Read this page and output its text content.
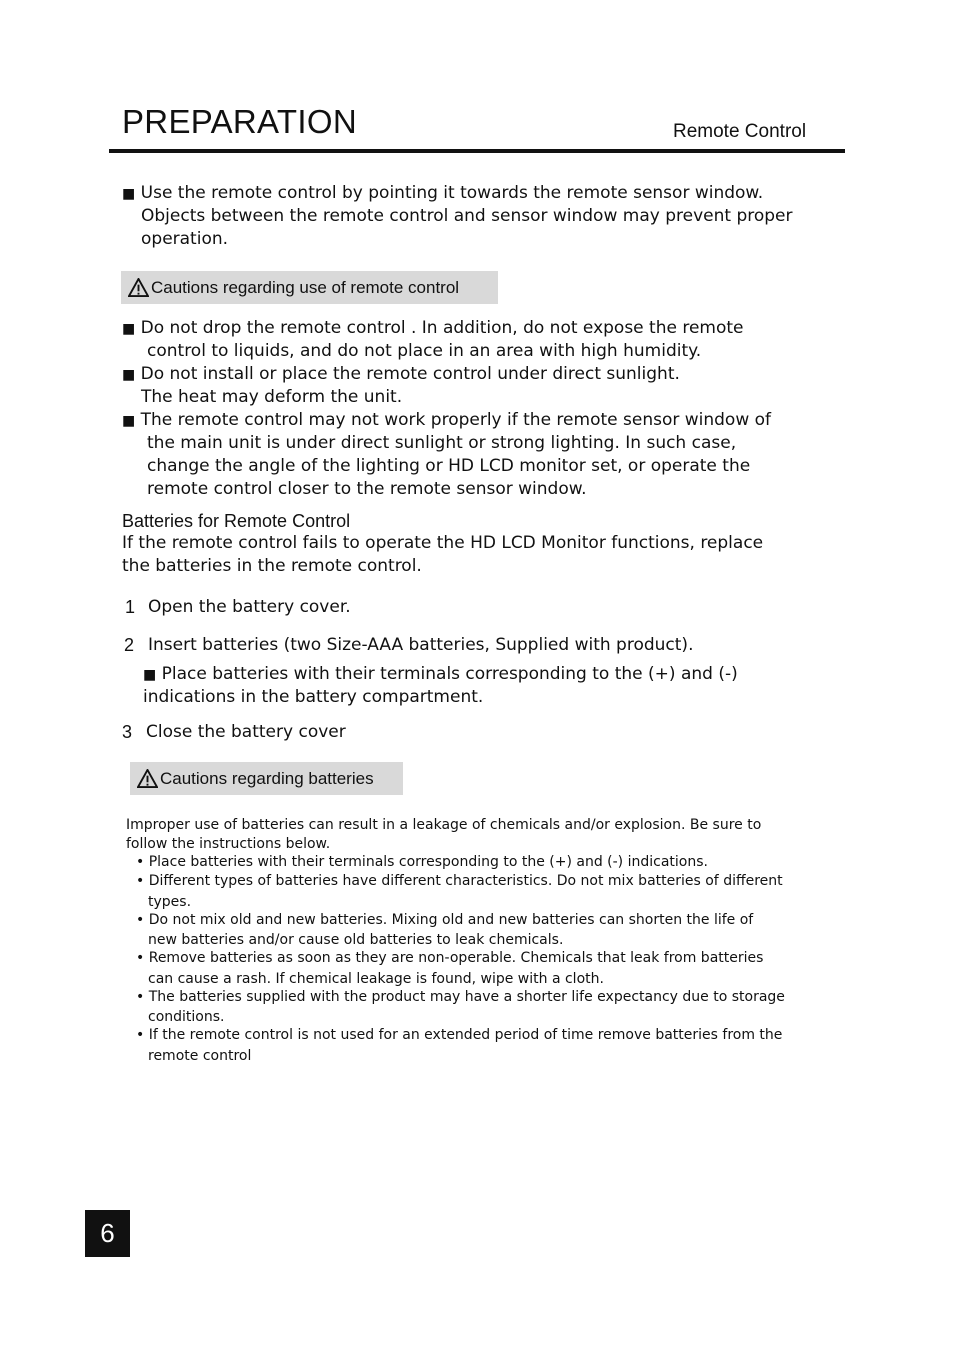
PREPARATION	Remote Control
■ Use the remote control by pointing it towards the remote sensor window.
Objects between the remote control and sensor window may prevent proper
operation.
Cautions regarding use of remote control
■ Do not drop the remote control . In addition, do not expose the remote
control to liquids, and do not place in an area with high humidity.
■ Do not install or place the remote control under direct sunlight.
The heat may deform the unit.
■ The remote control may not work properly if the remote sensor window of
the main unit is under direct sunlight or strong lighting. In such case,
change the angle of the lighting or HD LCD monitor set, or operate the
remote control closer to the remote sensor window.
Batteries for Remote Control
If the remote control fails to operate the HD LCD Monitor functions, replace
the batteries in the remote control.
1 Open the battery cover.
2 Insert batteries (two Size-AAA batteries, Supplied with product).
■ Place batteries with their terminals corresponding to the (+) and (-)
indications in the battery compartment.
3 Close the battery cover
Cautions regarding batteries
Improper use of batteries can result in a leakage of chemicals and/or explosion. Be sure to
follow the instructions below.
• Place batteries with their terminals corresponding to the (+) and (-) indications.
• Different types of batteries have different characteristics. Do not mix batteries of different
types.
• Do not mix old and new batteries. Mixing old and new batteries can shorten the life of
new batteries and/or cause old batteries to leak chemicals.
• Remove batteries as soon as they are non-operable. Chemicals that leak from batteries
can cause a rash. If chemical leakage is found, wipe with a cloth.
• The batteries supplied with the product may have a shorter life expectancy due to storage
conditions.
• If the remote control is not used for an extended period of time remove batteries from the
remote control
6
